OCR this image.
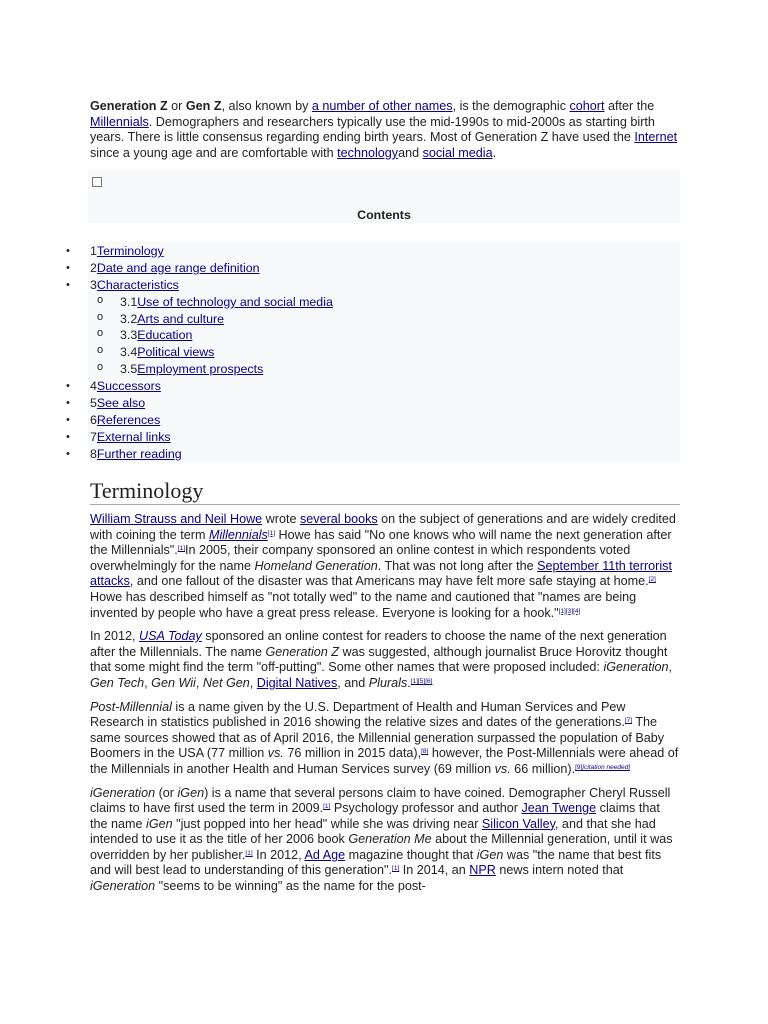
Generation Z or Gen Z, also known by a number of other names, is the demographic cohort after the Millennials. Demographers and researchers typically use the mid-1990s to mid-2000s as starting birth years. There is little consensus regarding ending birth years. Most of Generation Z have used the Internet since a young age and are comfortable with technologyand social media.

Contents
• 1Terminology
• 2Date and age range definition
• 3Characteristics
o 3.1Use of technology and social media
o 3.2Arts and culture
o 3.3Education
o 3.4Political views
o 3.5Employment prospects
• 4Successors
• 5See also
• 6References
• 7External links
• 8Further reading
Terminology

William Strauss and Neil Howe wrote several books on the subject of generations and are widely credited with coining the term Millennials[1] Howe has said "No one knows who will name the next generation after the Millennials".[1]In 2005, their company sponsored an online contest in which respondents voted overwhelmingly for the name Homeland Generation. That was not long after the September 11th terrorist attacks, and one fallout of the disaster was that Americans may have felt more safe staying at home.[2] Howe has described himself as "not totally wed" to the name and cautioned that "names are being invented by people who have a great press release. Everyone is looking for a hook."[1][3][4]

In 2012, USA Today sponsored an online contest for readers to choose the name of the next generation after the Millennials. The name Generation Z was suggested, although journalist Bruce Horovitz thought that some might find the term "off-putting". Some other names that were proposed included: iGeneration, Gen Tech, Gen Wii, Net Gen, Digital Natives, and Plurals.[1][5][6]

Post-Millennial is a name given by the U.S. Department of Health and Human Services and Pew Research in statistics published in 2016 showing the relative sizes and dates of the generations.[7] The same sources showed that as of April 2016, the Millennial generation surpassed the population of Baby Boomers in the USA (77 million vs. 76 million in 2015 data),[8] however, the Post-Millennials were ahead of the Millennials in another Health and Human Services survey (69 million vs. 66 million).[9][citation needed]

iGeneration (or iGen) is a name that several persons claim to have coined. Demographer Cheryl Russell claims to have first used the term in 2009.[1] Psychology professor and author Jean Twenge claims that the name iGen "just popped into her head" while she was driving near Silicon Valley, and that she had intended to use it as the title of her 2006 book Generation Me about the Millennial generation, until it was overridden by her publisher.[1] In 2012, Ad Age magazine thought that iGen was "the name that best fits and will best lead to understanding of this generation".[1] In 2014, an NPR news intern noted that iGeneration "seems to be winning" as the name for the post-
